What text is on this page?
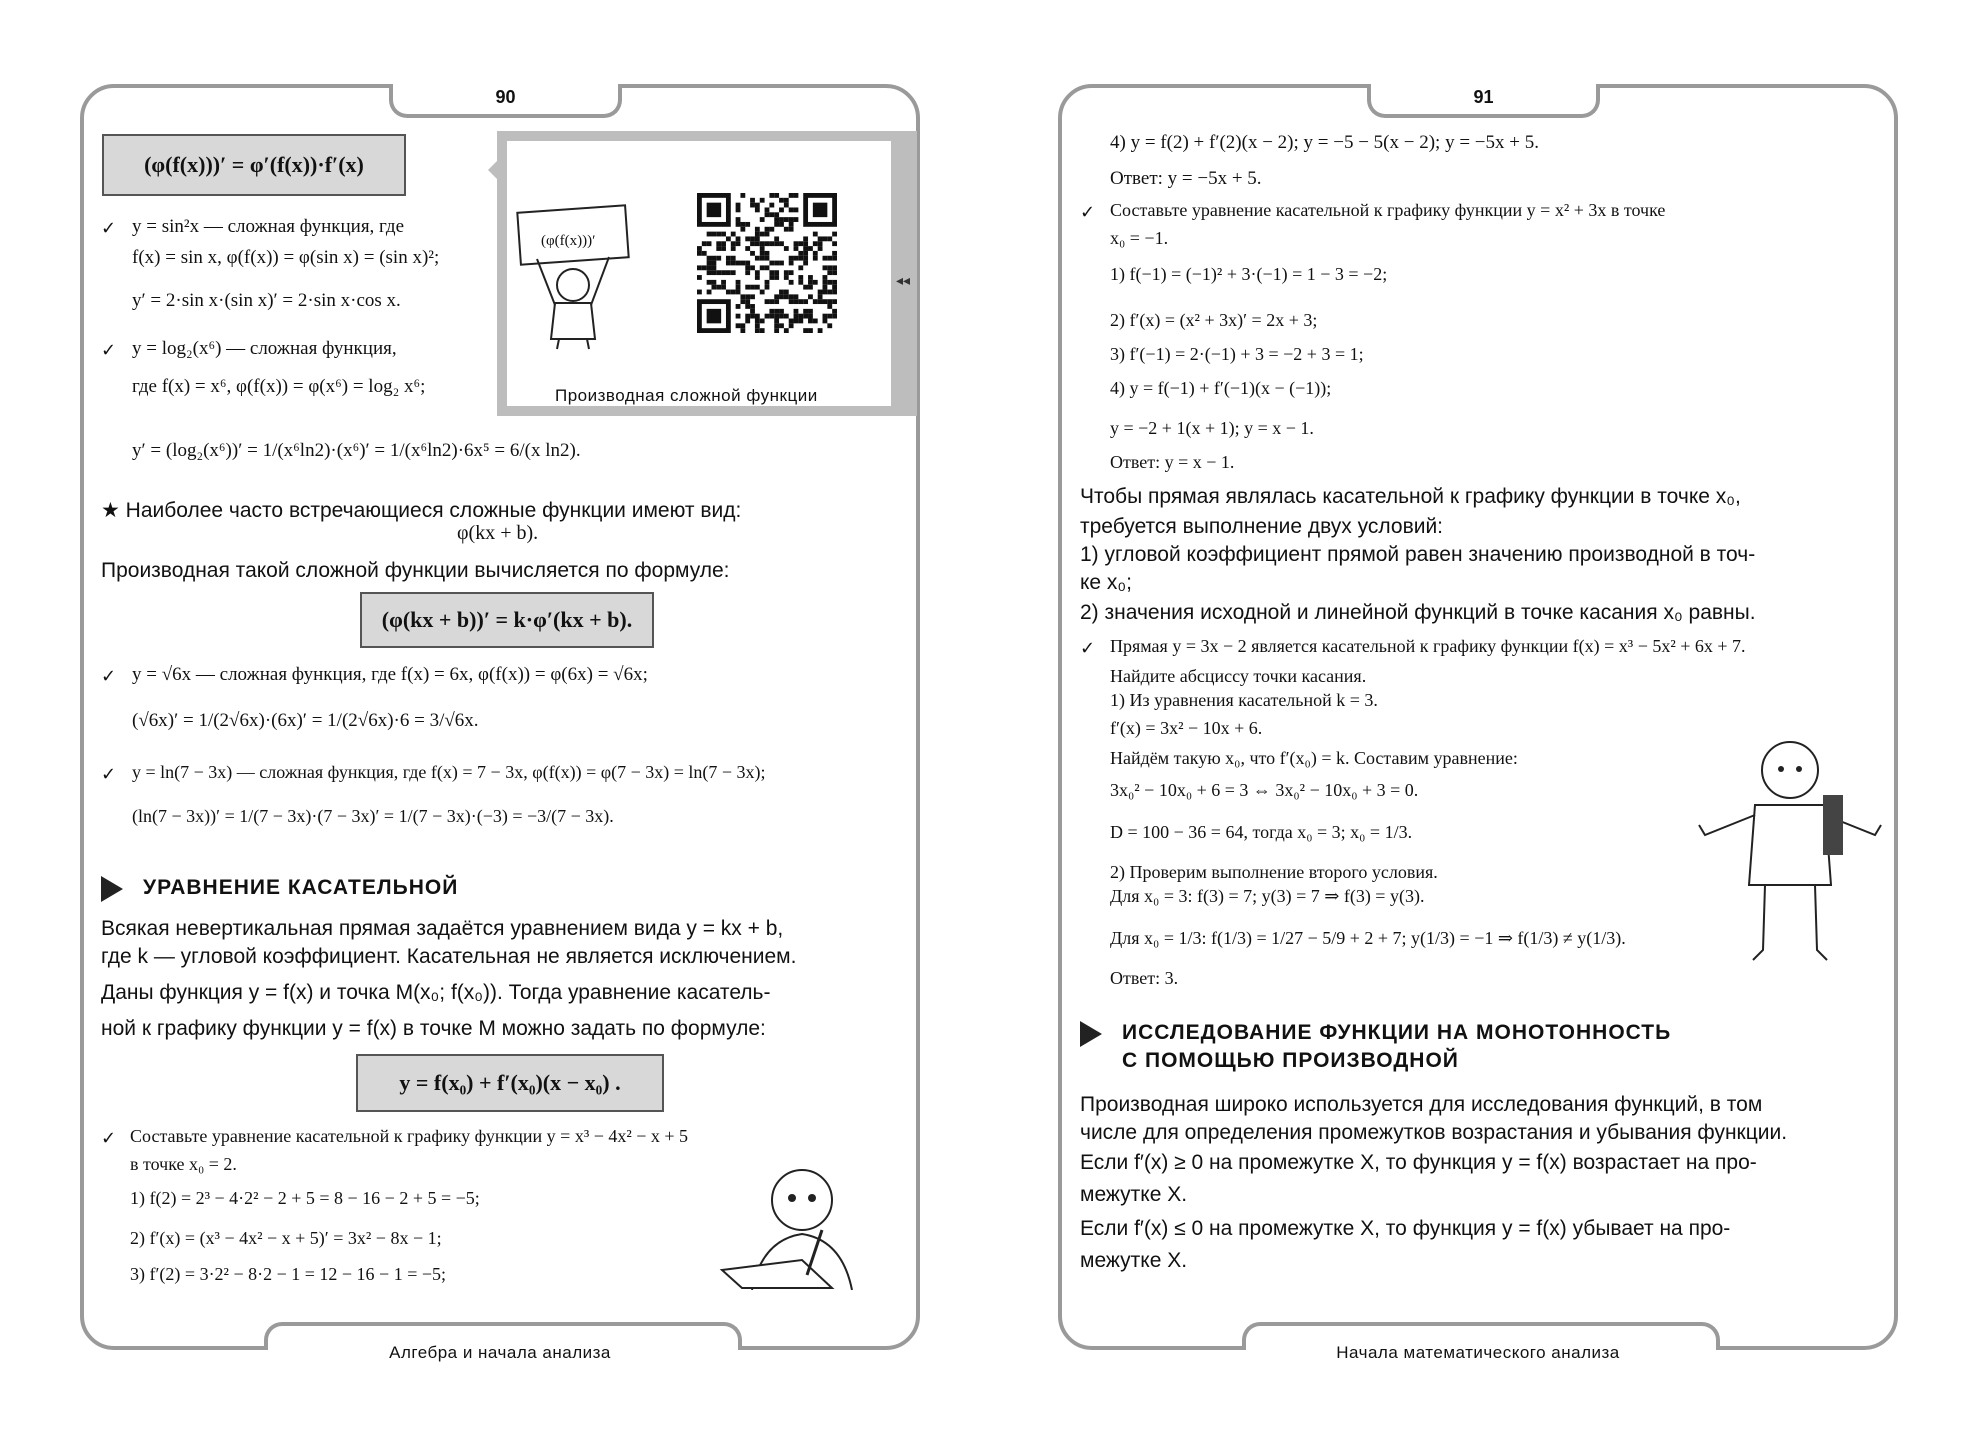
90
Алгебра и начала анализа
(φ(f(x)))′ = φ′(f(x))·f′(x)
✓ y = sin²x — сложная функция, где
f(x) = sin x, φ(f(x)) = φ(sin x) = (sin x)²;
y′ = 2·sin x·(sin x)′ = 2·sin x·cos x.
✓ y = log₂(x⁶) — сложная функция,
где f(x) = x⁶, φ(f(x)) = φ(x⁶) = log₂ x⁶;
y′ = (log₂(x⁶))′ = 1/(x⁶ln2)·(x⁶)′ = 1/(x⁶ln2)·6x⁵ = 6/(x ln2).
(φ(f(x)))′
Производная сложной функции
◂◂
★ Наиболее часто встречающиеся сложные функции имеют вид:
φ(kx + b).
Производная такой сложной функции вычисляется по формуле:
(φ(kx + b))′ = k·φ′(kx + b).
✓ y = √6x — сложная функция, где f(x) = 6x, φ(f(x)) = φ(6x) = √6x;
(√6x)′ = 1/(2√6x)·(6x)′ = 1/(2√6x)·6 = 3/√6x.
✓ y = ln(7 − 3x) — сложная функция, где f(x) = 7 − 3x, φ(f(x)) = φ(7 − 3x) = ln(7 − 3x);
(ln(7 − 3x))′ = 1/(7 − 3x)·(7 − 3x)′ = 1/(7 − 3x)·(−3) = −3/(7 − 3x).
УРАВНЕНИЕ КАСАТЕЛЬНОЙ
Всякая невертикальная прямая задаётся уравнением вида y = kx + b,
где k — угловой коэффициент. Касательная не является исключением.
Даны функция y = f(x) и точка M(x₀; f(x₀)). Тогда уравнение касатель-
ной к графику функции y = f(x) в точке M можно задать по формуле:
y = f(x₀) + f′(x₀)(x − x₀) .
✓ Составьте уравнение касательной к графику функции y = x³ − 4x² − x + 5
в точке x₀ = 2.
1) f(2) = 2³ − 4·2² − 2 + 5 = 8 − 16 − 2 + 5 = −5;
2) f′(x) = (x³ − 4x² − x + 5)′ = 3x² − 8x − 1;
3) f′(2) = 3·2² − 8·2 − 1 = 12 − 16 − 1 = −5;
91
Начала математического анализа
4) y = f(2) + f′(2)(x − 2); y = −5 − 5(x − 2); y = −5x + 5.
Ответ: y = −5x + 5.
✓ Составьте уравнение касательной к графику функции y = x² + 3x в точке
x₀ = −1.
1) f(−1) = (−1)² + 3·(−1) = 1 − 3 = −2;
2) f′(x) = (x² + 3x)′ = 2x + 3;
3) f′(−1) = 2·(−1) + 3 = −2 + 3 = 1;
4) y = f(−1) + f′(−1)(x − (−1));
y = −2 + 1(x + 1); y = x − 1.
Ответ: y = x − 1.
Чтобы прямая являлась касательной к графику функции в точке x₀,
требуется выполнение двух условий:
1) угловой коэффициент прямой равен значению производной в точ-
ке x₀;
2) значения исходной и линейной функций в точке касания x₀ равны.
✓ Прямая y = 3x − 2 является касательной к графику функции f(x) = x³ − 5x² + 6x + 7.
Найдите абсциссу точки касания.
1) Из уравнения касательной k = 3.
f′(x) = 3x² − 10x + 6.
Найдём такую x₀, что f′(x₀) = k. Составим уравнение:
3x₀² − 10x₀ + 6 = 3 ⇔ 3x₀² − 10x₀ + 3 = 0.
D = 100 − 36 = 64, тогда x₀ = 3; x₀ = 1/3.
2) Проверим выполнение второго условия.
Для x₀ = 3: f(3) = 7; y(3) = 7 ⇒ f(3) = y(3).
Для x₀ = 1/3: f(1/3) = 1/27 − 5/9 + 2 + 7; y(1/3) = −1 ⇒ f(1/3) ≠ y(1/3).
Ответ: 3.
ИССЛЕДОВАНИЕ ФУНКЦИИ НА МОНОТОННОСТЬ
С ПОМОЩЬЮ ПРОИЗВОДНОЙ
Производная широко используется для исследования функций, в том
числе для определения промежутков возрастания и убывания функции.
Если f′(x) ≥ 0 на промежутке X, то функция y = f(x) возрастает на про-
межутке X.
Если f′(x) ≤ 0 на промежутке X, то функция y = f(x) убывает на про-
межутке X.
